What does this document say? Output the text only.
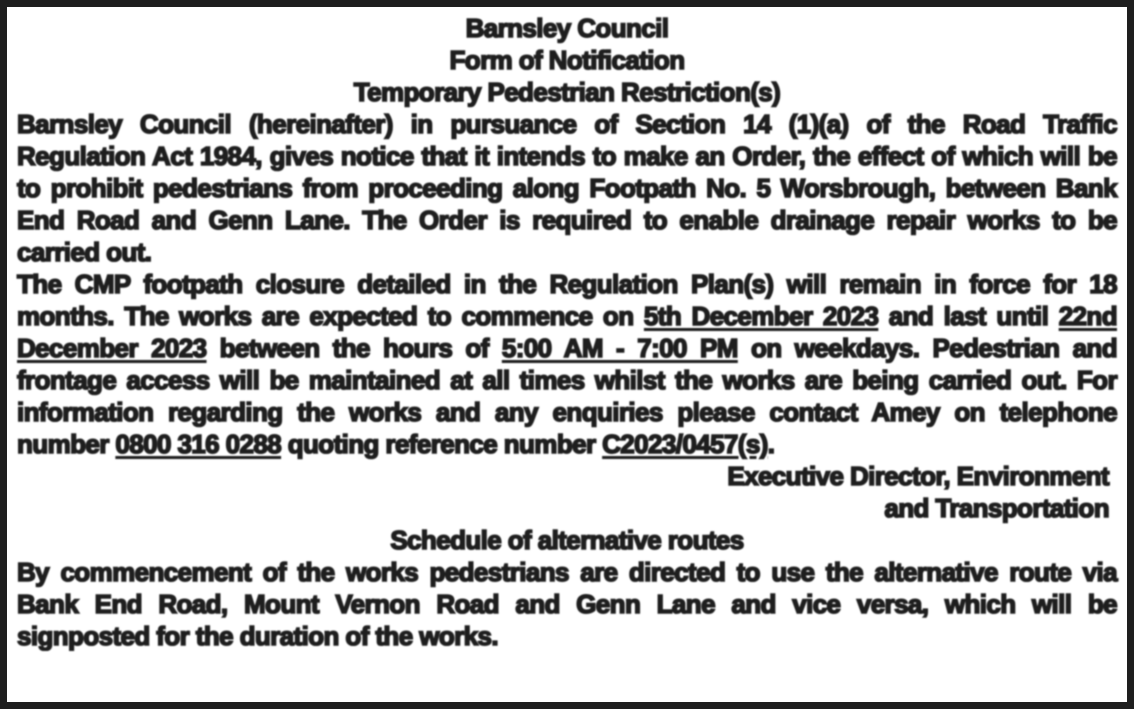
Barnsley Council
Form of Notification
Temporary Pedestrian Restriction(s)

Barnsley Council (hereinafter) in pursuance of Section 14 (1)(a) of the Road Traffic Regulation Act 1984, gives notice that it intends to make an Order, the effect of which will be to prohibit pedestrians from proceeding along Footpath No. 5 Worsbrough, between Bank End Road and Genn Lane. The Order is required to enable drainage repair works to be carried out.

The CMP footpath closure detailed in the Regulation Plan(s) will remain in force for 18 months. The works are expected to commence on 5th December 2023 and last until 22nd December 2023 between the hours of 5:00 AM - 7:00 PM on weekdays. Pedestrian and frontage access will be maintained at all times whilst the works are being carried out. For information regarding the works and any enquiries please contact Amey on telephone number 0800 316 0288 quoting reference number C2023/0457(s).

Executive Director, Environment
and Transportation
Schedule of alternative routes

By commencement of the works pedestrians are directed to use the alternative route via Bank End Road, Mount Vernon Road and Genn Lane and vice versa, which will be signposted for the duration of the works.
